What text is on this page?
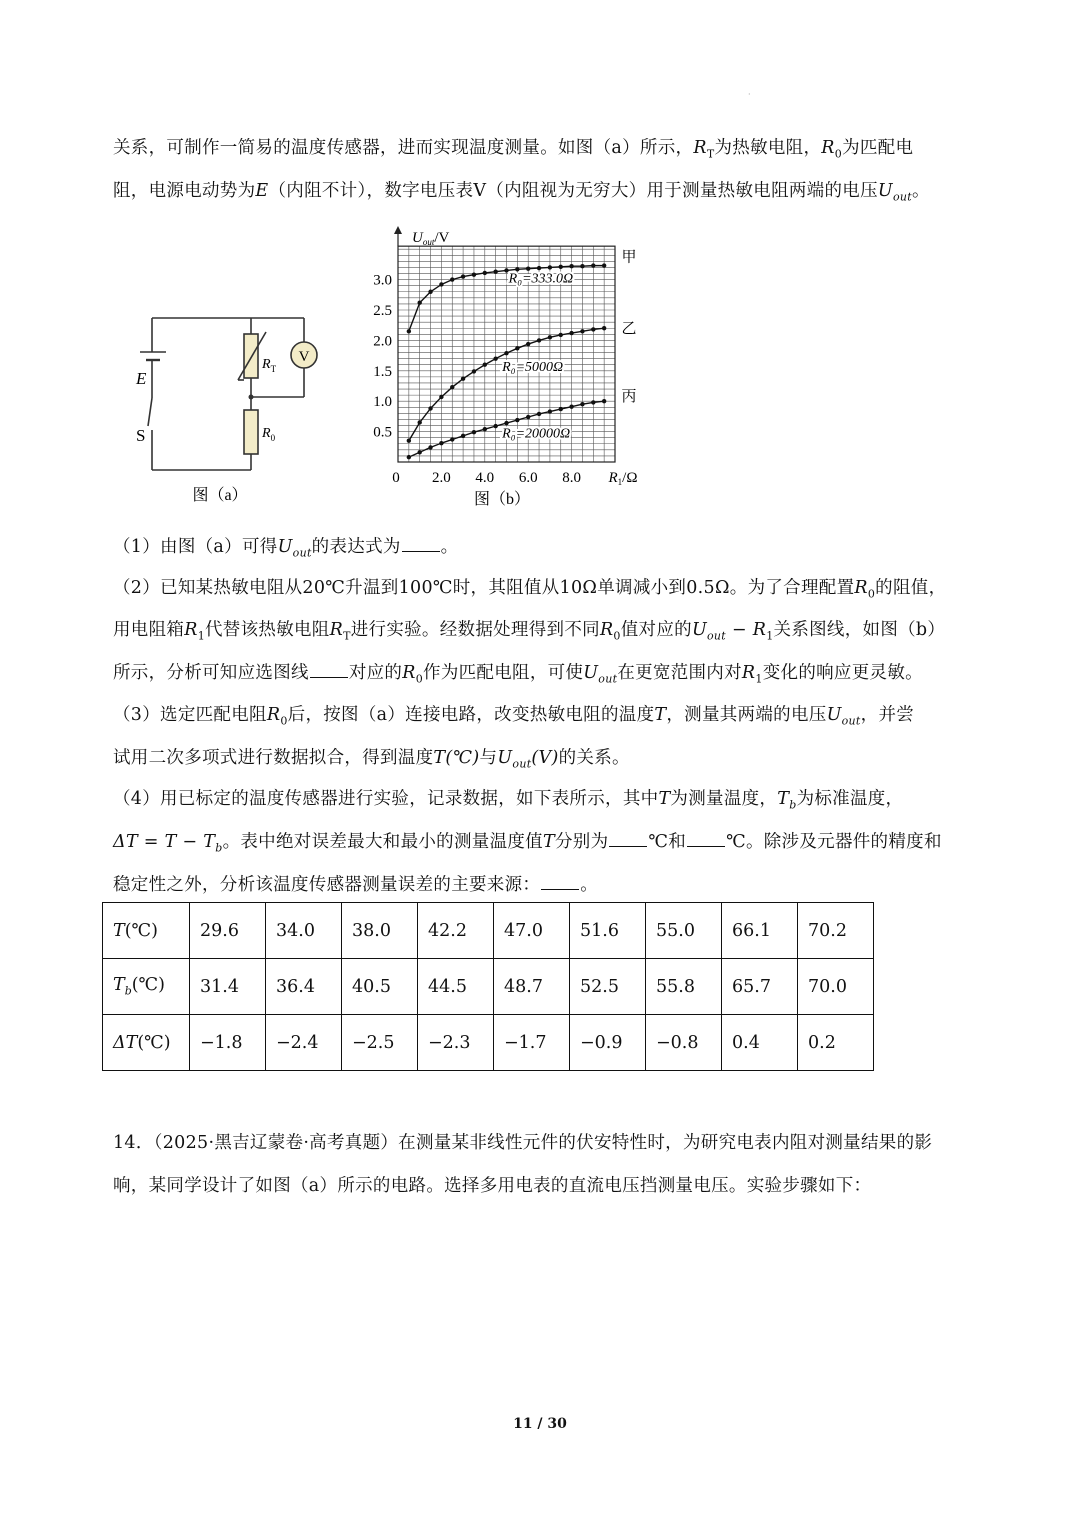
·
关系，可制作一简易的温度传感器，进而实现温度测量。如图（a）所示，$R_T$为热敏电阻，$R_0$为匹配电
阻，电源电动势为E（内阻不计），数字电压表V（内阻视为无穷大）用于测量热敏电阻两端的电压$U_{out}$。
V
$R_T$
$R_0$
E
S
图（a）
0.5
1.0
1.5
2.0
2.5
3.0
2.0 4.0 6.0 8.0
0
$U_{out}/V$
$R_1/\Omega$
R₀=333.0Ω
甲
R₀=5000Ω
乙
R₀=20000Ω
丙
图（b）
（1）由图（a）可得$U_{out}$的表达式为 。
（2）已知某热敏电阻从20℃升温到100℃时，其阻值从10Ω单调减小到0.5Ω。为了合理配置$R_0$的阻值，
用电阻箱$R_1$代替该热敏电阻$R_T$进行实验。经数据处理得到不同$R_0$值对应的$U_{out} - R_1$关系图线，如图（b）
所示，分析可知应选图线 对应的$R_0$作为匹配电阻，可使$U_{out}$在更宽范围内对$R_1$变化的响应更灵敏。
（3）选定匹配电阻$R_0$后，按图（a）连接电路，改变热敏电阻的温度T，测量其两端的电压$U_{out}$，并尝
试用二次多项式进行数据拟合，得到温度T(℃)与$U_{out}(V)$的关系。
（4）用已标定的温度传感器进行实验，记录数据，如下表所示，其中T为测量温度，$T_b$为标准温度，
$\Delta T = T - T_b$。表中绝对误差最大和最小的测量温度值T分别为 ℃和 ℃。除涉及元器件的精度和
稳定性之外，分析该温度传感器测量误差的主要来源： 。
T(℃)	29.6	34.0	38.0	42.2	47.0	51.6	55.0	66.1	70.2
$T_b(℃)$	31.4	36.4	40.5	44.5	48.7	52.5	55.8	65.7	70.0
ΔT(℃)	−1.8	−2.4	−2.5	−2.3	−1.7	−0.9	−0.8	0.4	0.2
14．（2025·黑吉辽蒙卷·高考真题）在测量某非线性元件的伏安特性时，为研究电表内阻对测量结果的影
响，某同学设计了如图（a）所示的电路。选择多用电表的直流电压挡测量电压。实验步骤如下：
11 / 30
